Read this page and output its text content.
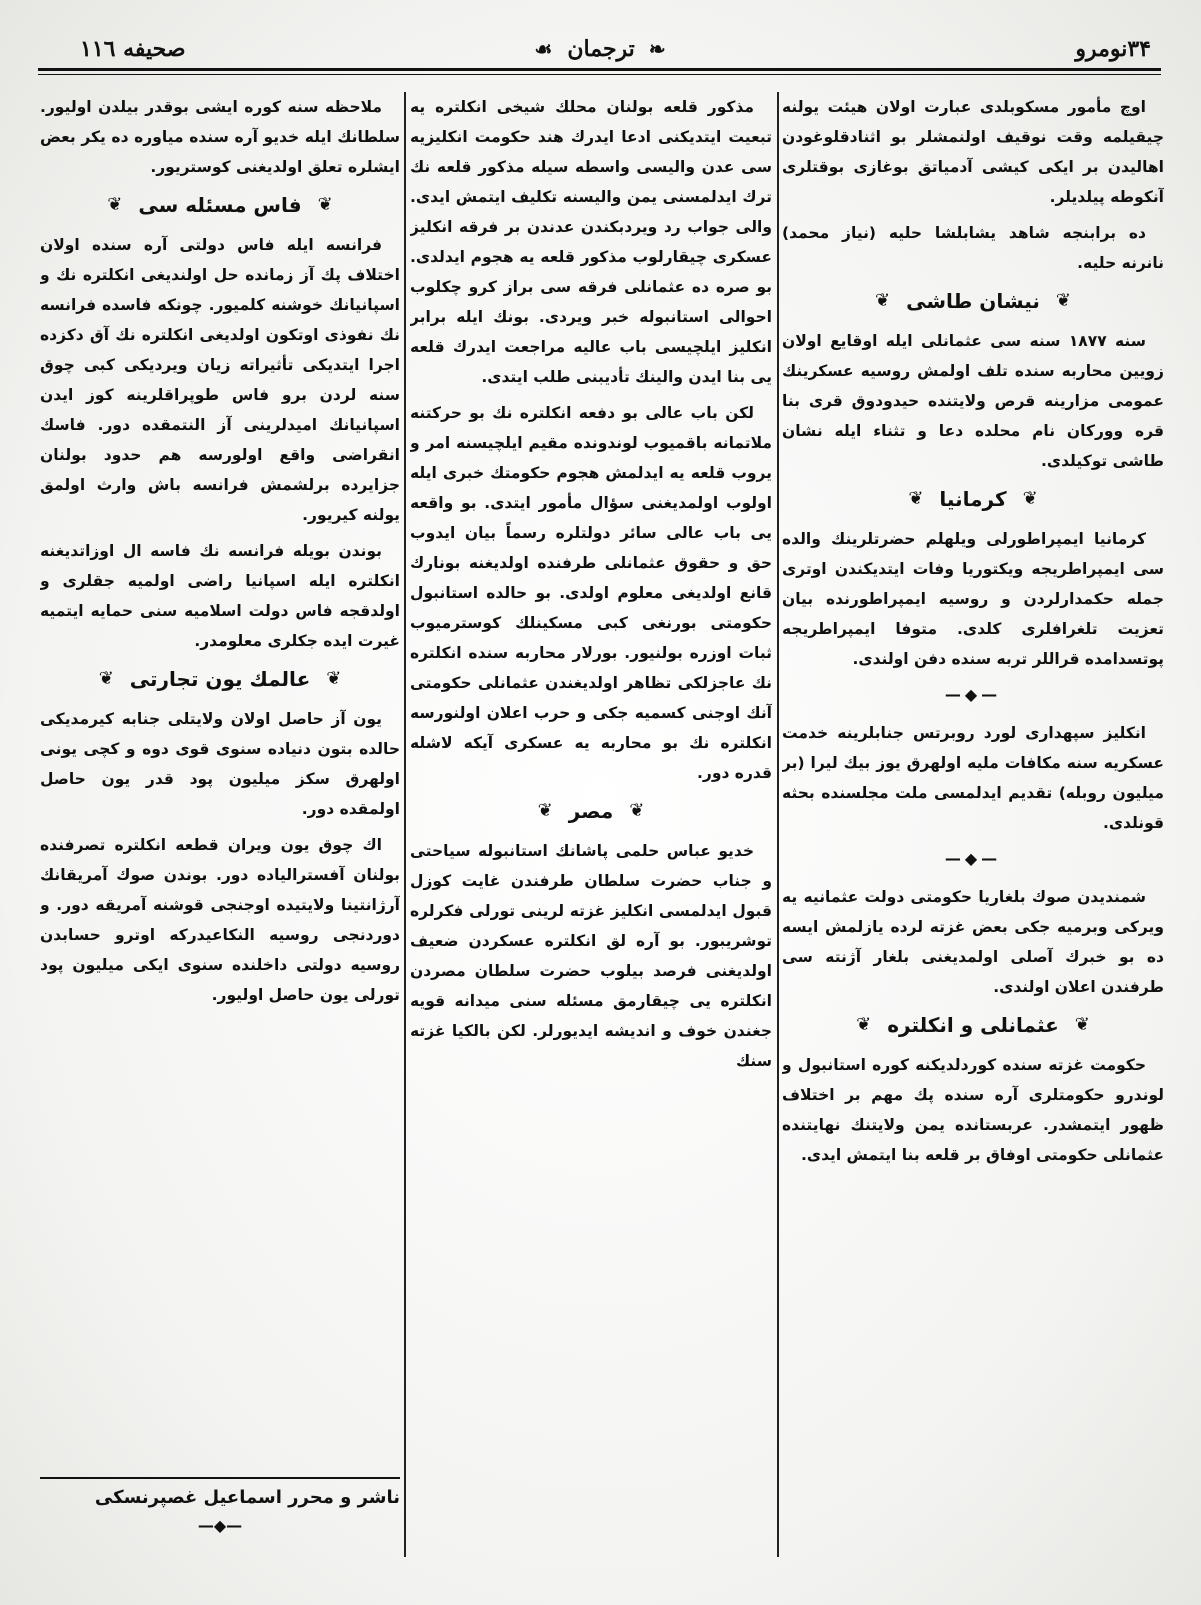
۳۴نومرو
❧
ترجمان
☙
صحيفه ١١٦

اوچ مأمور مسكوبلدى عبارت اولان هيئت يولنه چيقيلمه وقت نوقيف اولنمشلر بو اثنادقلوغودن اهاليدن بر ايكى كيشى آدمياتق بوغازى بوقتلرى آنكوطه پيلديلر.

ده برابنجه شاهد يشابلشا حليه (نياز محمد) نانرنه حليه.

❦
نيشان طاشى
❦

سنه ۱۸۷۷ سنه سى عثمانلى ايله اوقايع اولان زويين محاربه سنده تلف اولمش روسيه عسكرينك عمومى مزارينه قرص ولايتنده حيدودوق قرى بنا قره ووركان نام محلده دعا و تثناء ايله نشان طاشى توكيلدى.

❦
كرمانيا
❦

كرمانيا ايمپراطورلى ويلهلم حضرتلرينك والده سى ايمپراطريجه ويكتوريا وفات ايتديكندن اوترى جمله حكمدارلردن و روسيه ايمپراطورنده بيان تعزيت تلغرافلرى كلدى. متوفا ايمپراطريجه پوتسدامده قراللر تربه سنده دفن اولندى.

—◆—

انكليز سپهدارى لورد روبرتس جنابلرينه خدمت عسكريه سنه مكافات مليه اولهرق يوز بيك ليرا (بر ميليون روبله) تقديم ايدلمسى ملت مجلسنده بحثه قونلدى.

—◆—

شمنديدن صوك بلغاريا حكومتى دولت عثمانيه يه ويركى وبرميه جكى بعض غزته لرده يازلمش ايسه ده بو خبرك آصلى اولمديغنى بلغار آژنته سى طرفندن اعلان اولندى.

❦
عثمانلى و انكلتره
❦

حكومت غزته سنده كوردلديكنه كوره استانبول و لوندرو حكومتلرى آره سنده پك مهم بر اختلاف ظهور ايتمشدر. عربستانده يمن ولايتنك نهايتنده عثمانلى حكومتى اوفاق بر قلعه بنا ايتمش ايدى.

مذكور قلعه بولنان محلك شيخى انكلتره يه تبعيت ايتديكنى ادعا ايدرك هند حكومت انكليزيه سى عدن واليسى واسطه سيله مذكور قلعه نك ترك ايدلمسنى يمن واليسنه تكليف ايتمش ايدى. والى جواب رد ويردبكندن عدندن بر فرقه انكليز عسكرى چيقارلوب مذكور قلعه يه هجوم ايدلدى. بو صره ده عثمانلى فرقه سى براز كرو چكلوب احوالى استانبوله خبر ويردى. بونك ايله برابر انكليز ايلچيسى باب عاليه مراجعت ايدرك قلعه يى بنا ايدن والينك تأديبنى طلب ايتدى.

لكن باب عالى بو دفعه انكلتره نك بو حركتنه ملاتمانه باقميوب لوندونده مقيم ايلچيسنه امر و يروب قلعه يه ايدلمش هجوم حكومتك خبرى ايله اولوب اولمديغنى سؤال مأمور ايتدى. بو واقعه يى باب عالى سائر دولتلره رسماً بيان ايدوب حق و حقوق عثمانلى طرفنده اولديغنه بونارك قانع اولديغى معلوم اولدى. بو حالده استانبول حكومتى بورنغى كبى مسكينلك كوسترميوب ثبات اوزره بولنيور. بورلار محاربه سنده انكلتره نك عاجزلكى تظاهر اولديغندن عثمانلى حكومتى آنك اوجنى كسميه جكى و حرب اعلان اولنورسه انكلتره نك بو محاربه يه عسكرى آيكه لاشله قدره دور.

❦
مصر
❦

خديو عباس حلمى پاشانك استانبوله سياحتى و جناب حضرت سلطان طرفندن غايت كوزل قبول ايدلمسى انكليز غزته لرينى تورلى فكرلره توشريبور. بو آره لق انكلتره عسكردن ضعيف اولديغنى فرصد بيلوب حضرت سلطان مصردن انكلتره يى چيقارمق مسئله سنى ميدانه قويه جغندن خوف و انديشه ايديورلر. لكن بالكيا غزته سنك

ملاحظه سنه كوره ايشى بوقدر بيلدن اوليور. سلطانك ايله خديو آره سنده مياوره ده يكر بعض ايشلره تعلق اولديغنى كوستريور.

❦
فاس مسئله سى
❦

فرانسه ايله فاس دولتى آره سنده اولان اختلاف پك آز زمانده حل اولنديغى انكلتره نك و اسپانيانك خوشنه كلميور. چونكه فاسده فرانسه نك نفوذى اوتكون اولديغى انكلتره نك آق دكزده اجرا ايتديكى تأثيراته زيان ويرديكى كبى چوق سنه لردن برو فاس طوپراقلرينه كوز ايدن اسپانيانك اميدلرينى آز النتمقده دور. فاسك انقراضى واقع اولورسه هم حدود بولنان جزايرده برلشمش فرانسه باش وارث اولمق يولنه كيريور.

بوندن بويله فرانسه نك فاسه ال اوزاتديغنه انكلتره ايله اسپانيا راضى اولميه جقلرى و اولدقجه فاس دولت اسلاميه سنى حمايه ايتميه غيرت ايده جكلرى معلومدر.

❦
عالمك يون تجارتى
❦

يون آز حاصل اولان ولايتلى جنابه كيرمديكى حالده بتون دنياده سنوى قوى دوه و كچى يونى اولهرق سكز ميليون پود قدر يون حاصل اولمقده دور.

اك چوق يون ويران قطعه انكلتره تصرفنده بولنان آفسترالياده دور. بوندن صوك آمريقانك آرژانتينا ولايتيده اوجنجى قوشنه آمريقه دور. و دوردنجى روسيه النكاعيدركه اوترو حسابدن روسيه دولتى داخلنده سنوى ايكى ميليون پود تورلى يون حاصل اوليور.

ناشر و محرر اسماعيل غصپرنسكى
—◆—
